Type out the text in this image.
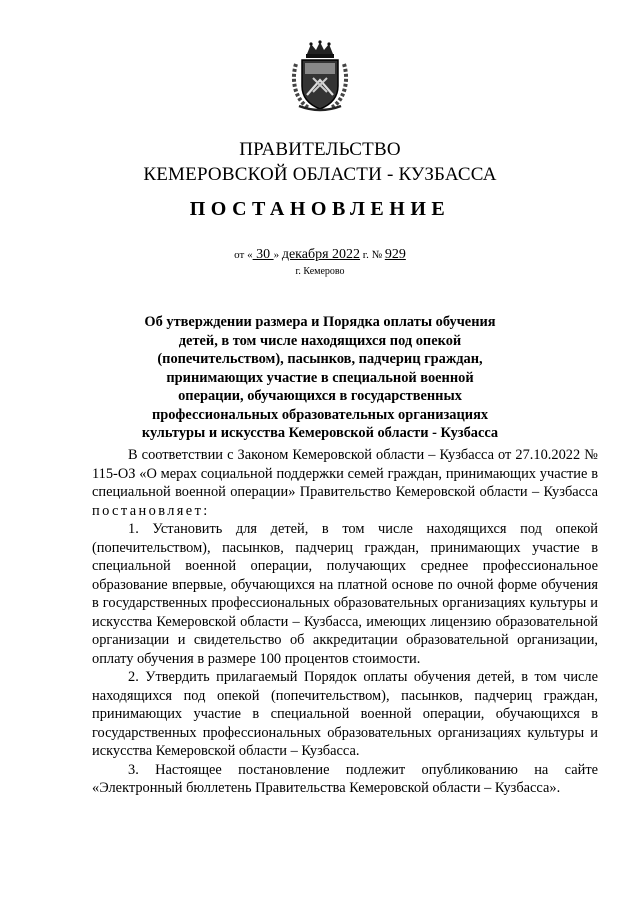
ПРАВИТЕЛЬСТВО
КЕМЕРОВСКОЙ ОБЛАСТИ - КУЗБАССА
ПОСТАНОВЛЕНИЕ
от « 30 » декабря 2022 г. № 929
г. Кемерово
Об утверждении размера и Порядка оплаты обучения
детей, в том числе находящихся под опекой
(попечительством), пасынков, падчериц граждан,
принимающих участие в специальной военной
операции, обучающихся в государственных
профессиональных образовательных организациях
культуры и искусства Кемеровской области - Кузбасса

В соответствии с Законом Кемеровской области – Кузбасса от 27.10.2022 № 115-ОЗ «О мерах социальной поддержки семей граждан, принимающих участие в специальной военной операции» Правительство Кемеровской области – Кузбасса постановляет:

1. Установить для детей, в том числе находящихся под опекой (попечительством), пасынков, падчериц граждан, принимающих участие в специальной военной операции, получающих среднее профессиональное образование впервые, обучающихся на платной основе по очной форме обучения в государственных профессиональных образовательных организациях культуры и искусства Кемеровской области – Кузбасса, имеющих лицензию образовательной организации и свидетельство об аккредитации образовательной организации, оплату обучения в размере 100 процентов стоимости.

2. Утвердить прилагаемый Порядок оплаты обучения детей, в том числе находящихся под опекой (попечительством), пасынков, падчериц граждан, принимающих участие в специальной военной операции, обучающихся в государственных профессиональных образовательных организациях культуры и искусства Кемеровской области – Кузбасса.

3. Настоящее постановление подлежит опубликованию на сайте «Электронный бюллетень Правительства Кемеровской области – Кузбасса».
